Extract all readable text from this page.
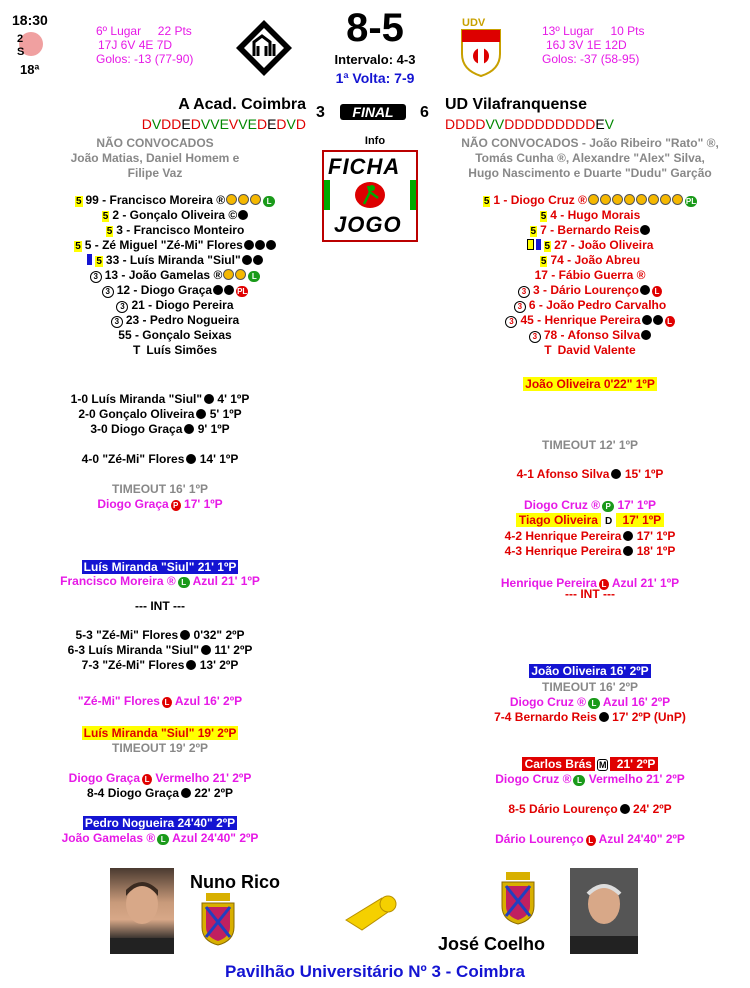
18:30
2
S
18ª
6º Lugar 22 Pts
17J 6V 4E 7D
Golos: -13 (77-90)
8-5
Intervalo: 4-3
1ª Volta: 7-9
UDV
13º Lugar 10 Pts
16J 3V 1E 12D
Golos: -37 (58-95)
A Acad. Coimbra
DVDDEDVVEVVEDEDVD
3	FINAL	6 UD Vilafranquense
DDDDVVDDDDDDDDDEV
Info
FICHA
JOGO
NÃO CONVOCADOS
João Matias, Daniel Homem e
Filipe Vaz
NÃO CONVOCADOS - João Ribeiro "Rato" ®,
Tomás Cunha ®, Alexandre "Alex" Silva,
Hugo Nascimento e Duarte "Dudu" Garção
5 99 - Francisco Moreira ®	L
5 2 - Gonçalo Oliveira ©
5 3 - Francisco Monteiro
5 5 - Zé Miguel "Zé-Mi" Flores
5 33 - Luís Miranda "Siul"
3 13 - João Gamelas ®	L
3 12 - Diogo Graça	PL
3 21 - Diogo Pereira
3 23 - Pedro Nogueira
55 - Gonçalo Seixas
T Luís Simões
5 1 - Diogo Cruz ®	PL
5 4 - Hugo Morais
5 7 - Bernardo Reis
5 27 - João Oliveira
5 74 - João Abreu
17 - Fábio Guerra ®
3 3 - Dário Lourenço L
3 6 - João Pedro Carvalho
3 45 - Henrique Pereira	L
3 78 - Afonso Silva
T David Valente
1-0 Luís Miranda "Siul" 4' 1ºP
2-0 Gonçalo Oliveira 5' 1ºP
3-0 Diogo Graça 9' 1ºP
4-0 "Zé-Mi" Flores 14' 1ºP
TIMEOUT 16' 1ºP
Diogo Graça P 17' 1ºP
Luís Miranda "Siul" 21' 1ºP
Francisco Moreira ® L Azul 21' 1ºP
5-3 "Zé-Mi" Flores 0'32" 2ºP
6-3 Luís Miranda "Siul" 11' 2ºP
7-3 "Zé-Mi" Flores 13' 2ºP
"Zé-Mi" Flores L Azul 16' 2ºP
Luís Miranda "Siul" 19' 2ºP
TIMEOUT 19' 2ºP
Diogo Graça L Vermelho 21' 2ºP
8-4 Diogo Graça 22' 2ºP
Pedro Nogueira 24'40" 2ºP
João Gamelas ® L Azul 24'40" 2ºP
João Oliveira 0'22" 1ºP
TIMEOUT 12' 1ºP
4-1 Afonso Silva 15' 1ºP
Diogo Cruz ® P 17' 1ºP
Tiago Oliveira D 17' 1ºP
4-2 Henrique Pereira 17' 1ºP
4-3 Henrique Pereira 18' 1ºP
Henrique Pereira L Azul 21' 1ºP
João Oliveira 16' 2ºP
TIMEOUT 16' 2ºP
Diogo Cruz ® L Azul 16' 2ºP
7-4 Bernardo Reis 17' 2ºP (UnP)
Carlos Brás M 21' 2ºP
Diogo Cruz ® L Vermelho 21' 2ºP
8-5 Dário Lourenço 24' 2ºP
Dário Lourenço L Azul 24'40" 2ºP
--- INT ---
--- INT ---
Nuno Rico
José Coelho
Pavilhão Universitário Nº 3 - Coimbra
